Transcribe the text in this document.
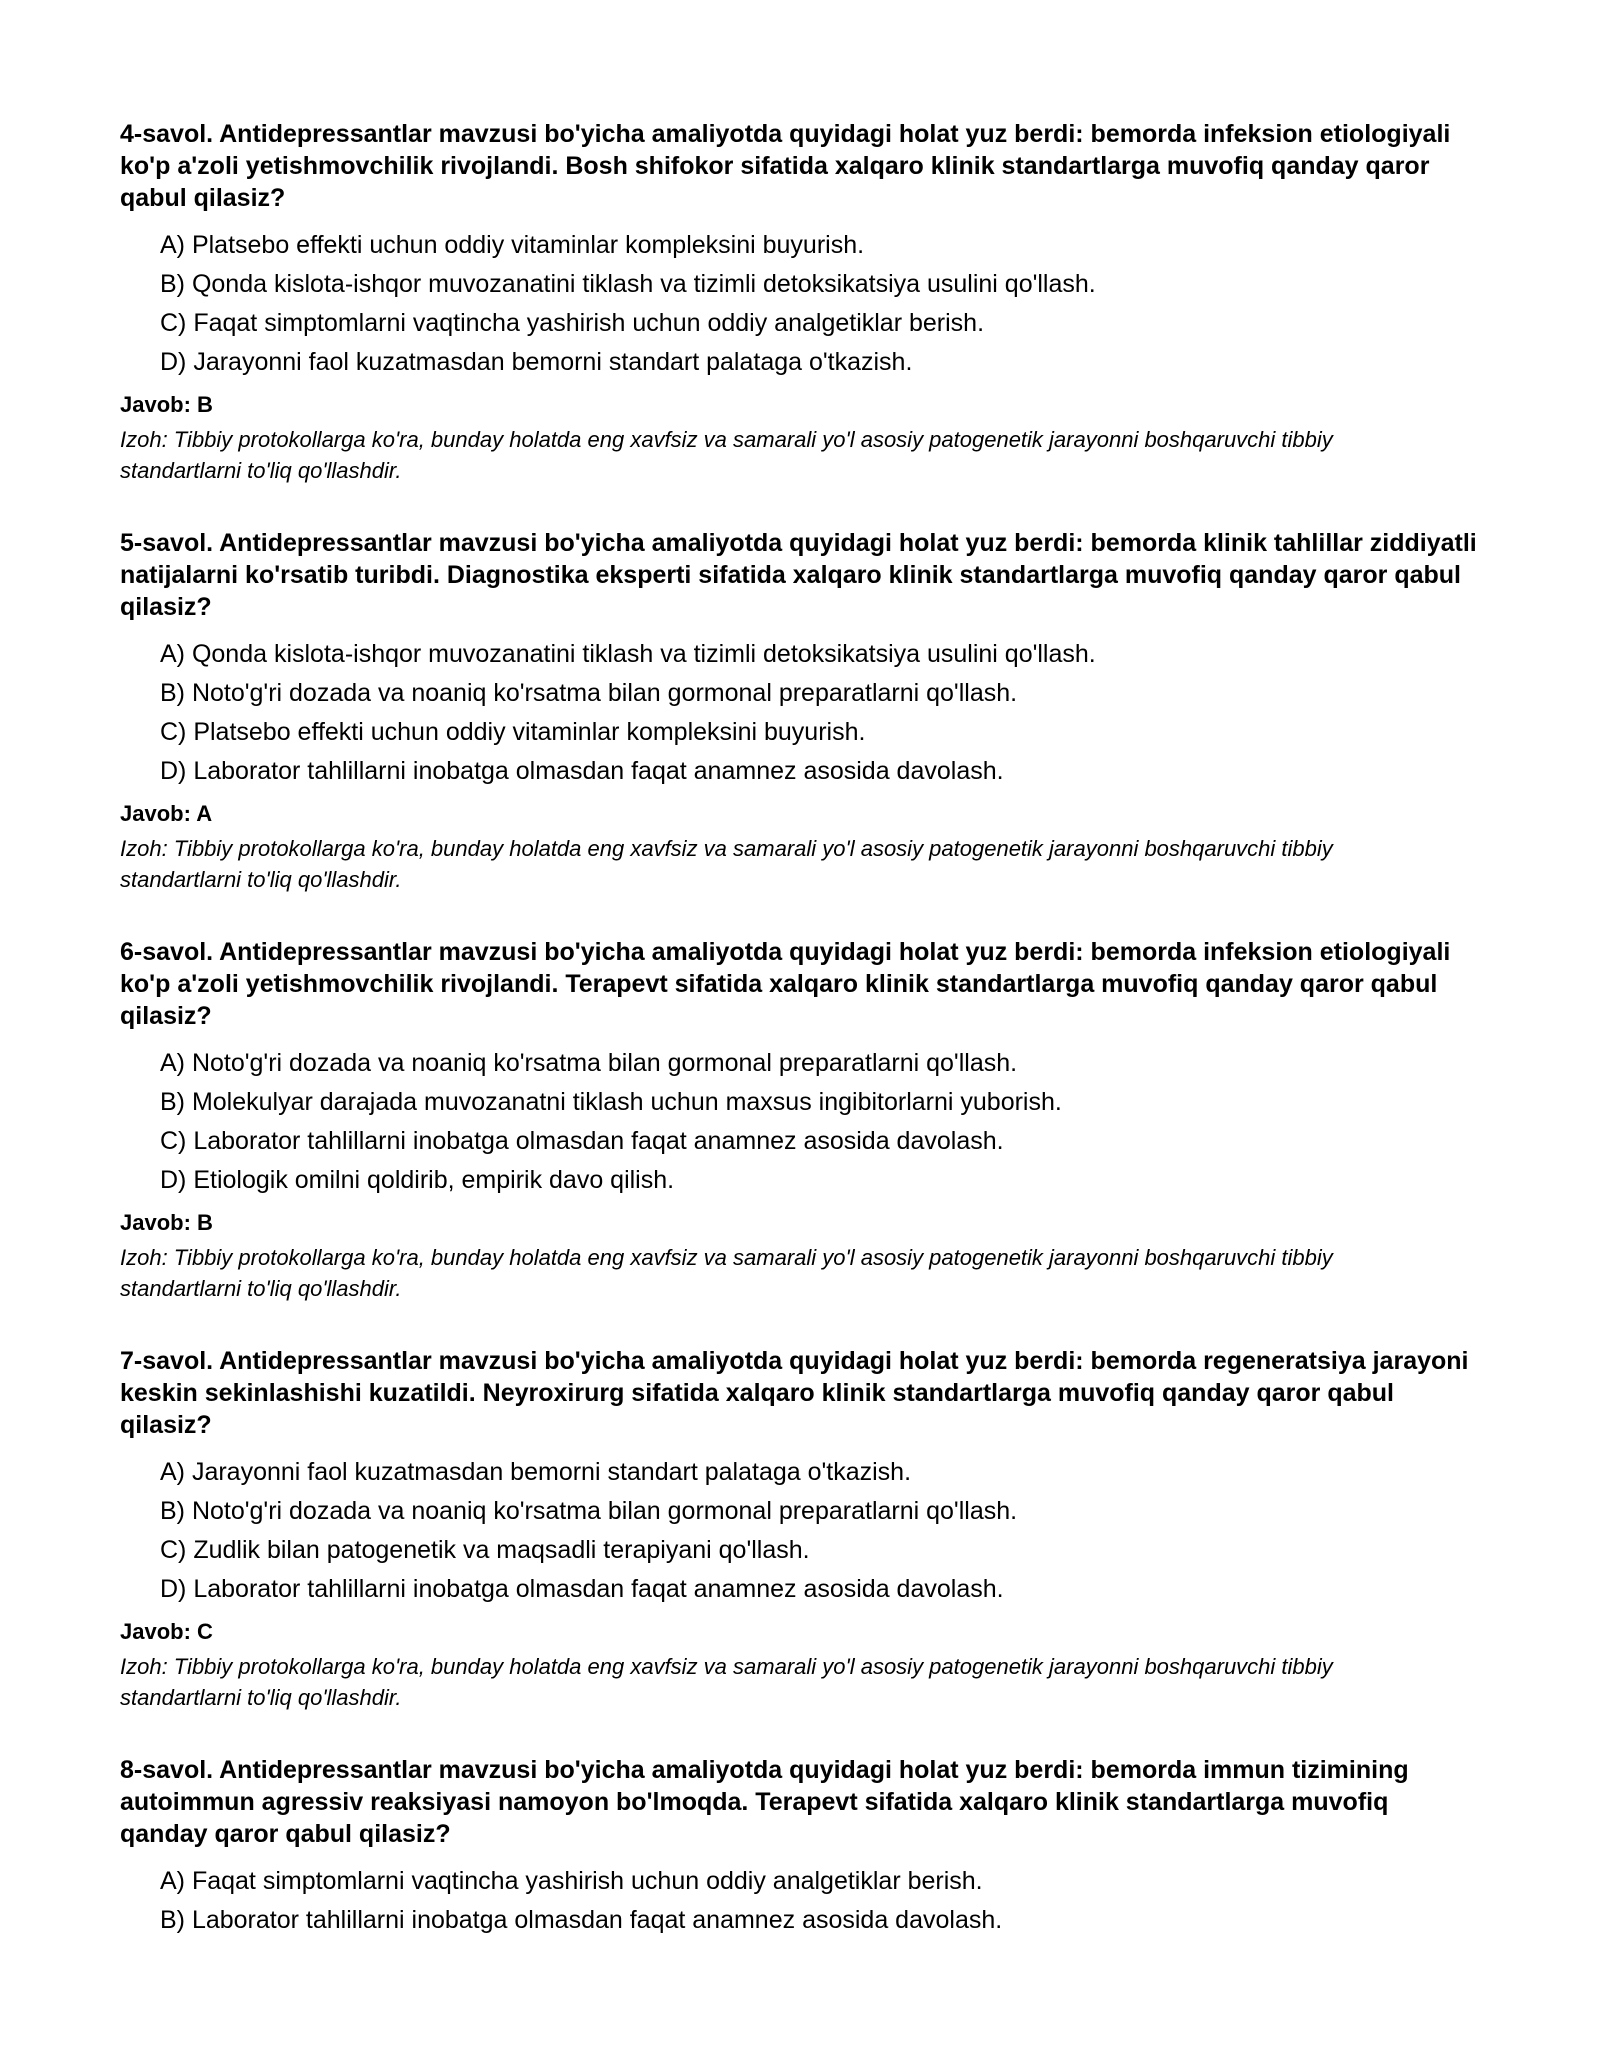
4-savol. Antidepressantlar mavzusi bo'yicha amaliyotda quyidagi holat yuz berdi: bemorda infeksion etiologiyali ko'p a'zoli yetishmovchilik rivojlandi. Bosh shifokor sifatida xalqaro klinik standartlarga muvofiq qanday qaror qabul qilasiz?

A) Platsebo effekti uchun oddiy vitaminlar kompleksini buyurish.
B) Qonda kislota-ishqor muvozanatini tiklash va tizimli detoksikatsiya usulini qo'llash.
C) Faqat simptomlarni vaqtincha yashirish uchun oddiy analgetiklar berish.
D) Jarayonni faol kuzatmasdan bemorni standart palataga o'tkazish.

Javob: B

Izoh: Tibbiy protokollarga ko'ra, bunday holatda eng xavfsiz va samarali yo'l asosiy patogenetik jarayonni boshqaruvchi tibbiy standartlarni to'liq qo'llashdir.

5-savol. Antidepressantlar mavzusi bo'yicha amaliyotda quyidagi holat yuz berdi: bemorda klinik tahlillar ziddiyatli natijalarni ko'rsatib turibdi. Diagnostika eksperti sifatida xalqaro klinik standartlarga muvofiq qanday qaror qabul qilasiz?

A) Qonda kislota-ishqor muvozanatini tiklash va tizimli detoksikatsiya usulini qo'llash.
B) Noto'g'ri dozada va noaniq ko'rsatma bilan gormonal preparatlarni qo'llash.
C) Platsebo effekti uchun oddiy vitaminlar kompleksini buyurish.
D) Laborator tahlillarni inobatga olmasdan faqat anamnez asosida davolash.

Javob: A

Izoh: Tibbiy protokollarga ko'ra, bunday holatda eng xavfsiz va samarali yo'l asosiy patogenetik jarayonni boshqaruvchi tibbiy standartlarni to'liq qo'llashdir.

6-savol. Antidepressantlar mavzusi bo'yicha amaliyotda quyidagi holat yuz berdi: bemorda infeksion etiologiyali ko'p a'zoli yetishmovchilik rivojlandi. Terapevt sifatida xalqaro klinik standartlarga muvofiq qanday qaror qabul qilasiz?

A) Noto'g'ri dozada va noaniq ko'rsatma bilan gormonal preparatlarni qo'llash.
B) Molekulyar darajada muvozanatni tiklash uchun maxsus ingibitorlarni yuborish.
C) Laborator tahlillarni inobatga olmasdan faqat anamnez asosida davolash.
D) Etiologik omilni qoldirib, empirik davo qilish.

Javob: B

Izoh: Tibbiy protokollarga ko'ra, bunday holatda eng xavfsiz va samarali yo'l asosiy patogenetik jarayonni boshqaruvchi tibbiy standartlarni to'liq qo'llashdir.

7-savol. Antidepressantlar mavzusi bo'yicha amaliyotda quyidagi holat yuz berdi: bemorda regeneratsiya jarayoni keskin sekinlashishi kuzatildi. Neyroxirurg sifatida xalqaro klinik standartlarga muvofiq qanday qaror qabul qilasiz?

A) Jarayonni faol kuzatmasdan bemorni standart palataga o'tkazish.
B) Noto'g'ri dozada va noaniq ko'rsatma bilan gormonal preparatlarni qo'llash.
C) Zudlik bilan patogenetik va maqsadli terapiyani qo'llash.
D) Laborator tahlillarni inobatga olmasdan faqat anamnez asosida davolash.

Javob: C

Izoh: Tibbiy protokollarga ko'ra, bunday holatda eng xavfsiz va samarali yo'l asosiy patogenetik jarayonni boshqaruvchi tibbiy standartlarni to'liq qo'llashdir.

8-savol. Antidepressantlar mavzusi bo'yicha amaliyotda quyidagi holat yuz berdi: bemorda immun tizimining autoimmun agressiv reaksiyasi namoyon bo'lmoqda. Terapevt sifatida xalqaro klinik standartlarga muvofiq qanday qaror qabul qilasiz?

A) Faqat simptomlarni vaqtincha yashirish uchun oddiy analgetiklar berish.
B) Laborator tahlillarni inobatga olmasdan faqat anamnez asosida davolash.
